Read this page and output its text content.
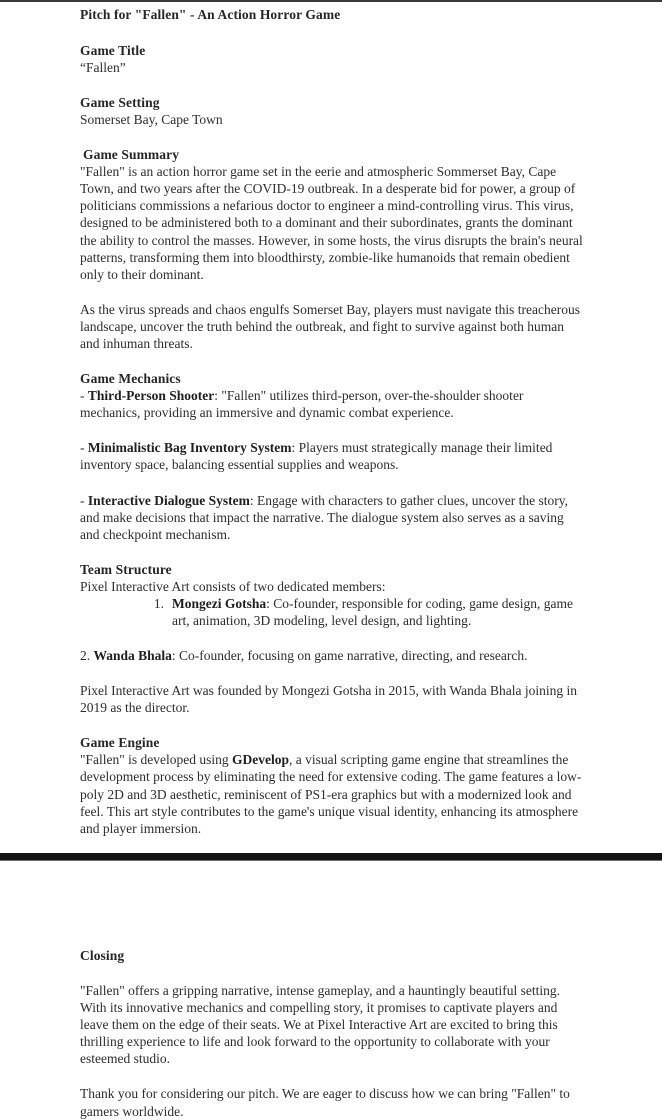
Pitch for "Fallen" - An Action Horror Game
Game Title

“Fallen”

Game Setting

Somerset Bay, Cape Town

Game Summary

"Fallen" is an action horror game set in the eerie and atmospheric Sommerset Bay, Cape Town, and two years after the COVID-19 outbreak. In a desperate bid for power, a group of politicians commissions a nefarious doctor to engineer a mind-controlling virus. This virus, designed to be administered both to a dominant and their subordinates, grants the dominant the ability to control the masses. However, in some hosts, the virus disrupts the brain's neural patterns, transforming them into bloodthirsty, zombie-like humanoids that remain obedient only to their dominant.

As the virus spreads and chaos engulfs Somerset Bay, players must navigate this treacherous landscape, uncover the truth behind the outbreak, and fight to survive against both human and inhuman threats.

Game Mechanics

- Third-Person Shooter: "Fallen" utilizes third-person, over-the-shoulder shooter mechanics, providing an immersive and dynamic combat experience.

- Minimalistic Bag Inventory System: Players must strategically manage their limited inventory space, balancing essential supplies and weapons.

- Interactive Dialogue System: Engage with characters to gather clues, uncover the story, and make decisions that impact the narrative. The dialogue system also serves as a saving and checkpoint mechanism.

Team Structure

Pixel Interactive Art consists of two dedicated members:

1. Mongezi Gotsha: Co-founder, responsible for coding, game design, game art, animation, 3D modeling, level design, and lighting.

2. Wanda Bhala: Co-founder, focusing on game narrative, directing, and research.

Pixel Interactive Art was founded by Mongezi Gotsha in 2015, with Wanda Bhala joining in 2019 as the director.

Game Engine

"Fallen" is developed using GDevelop, a visual scripting game engine that streamlines the development process by eliminating the need for extensive coding. The game features a low-poly 2D and 3D aesthetic, reminiscent of PS1-era graphics but with a modernized look and feel. This art style contributes to the game's unique visual identity, enhancing its atmosphere and player immersion.

Closing

"Fallen" offers a gripping narrative, intense gameplay, and a hauntingly beautiful setting. With its innovative mechanics and compelling story, it promises to captivate players and leave them on the edge of their seats. We at Pixel Interactive Art are excited to bring this thrilling experience to life and look forward to the opportunity to collaborate with your esteemed studio.

Thank you for considering our pitch. We are eager to discuss how we can bring "Fallen" to gamers worldwide.
